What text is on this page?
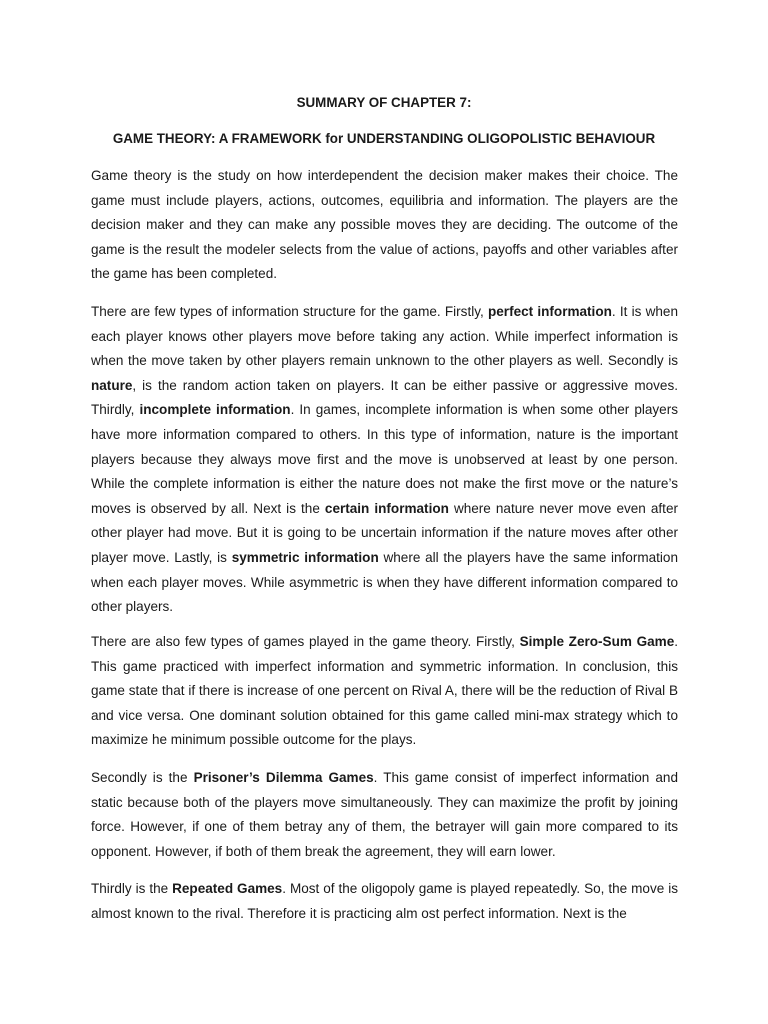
SUMMARY OF CHAPTER 7:
GAME THEORY: A FRAMEWORK for UNDERSTANDING OLIGOPOLISTIC BEHAVIOUR

Game theory is the study on how interdependent the decision maker makes their choice. The game must include players, actions, outcomes, equilibria and information. The players are the decision maker and they can make any possible moves they are deciding. The outcome of the game is the result the modeler selects from the value of actions, payoffs and other variables after the game has been completed.

There are few types of information structure for the game. Firstly, perfect information. It is when each player knows other players move before taking any action. While imperfect information is when the move taken by other players remain unknown to the other players as well. Secondly is nature, is the random action taken on players. It can be either passive or aggressive moves. Thirdly, incomplete information. In games, incomplete information is when some other players have more information compared to others. In this type of information, nature is the important players because they always move first and the move is unobserved at least by one person. While the complete information is either the nature does not make the first move or the nature’s moves is observed by all. Next is the certain information where nature never move even after other player had move. But it is going to be uncertain information if the nature moves after other player move. Lastly, is symmetric information where all the players have the same information when each player moves. While asymmetric is when they have different information compared to other players.

There are also few types of games played in the game theory. Firstly, Simple Zero-Sum Game. This game practiced with imperfect information and symmetric information. In conclusion, this game state that if there is increase of one percent on Rival A, there will be the reduction of Rival B and vice versa. One dominant solution obtained for this game called mini-max strategy which to maximize he minimum possible outcome for the plays.

Secondly is the Prisoner’s Dilemma Games. This game consist of imperfect information and static because both of the players move simultaneously. They can maximize the profit by joining force. However, if one of them betray any of them, the betrayer will gain more compared to its opponent. However, if both of them break the agreement, they will earn lower.

Thirdly is the Repeated Games. Most of the oligopoly game is played repeatedly. So, the move is almost known to the rival. Therefore it is practicing alm ost perfect information. Next is the
